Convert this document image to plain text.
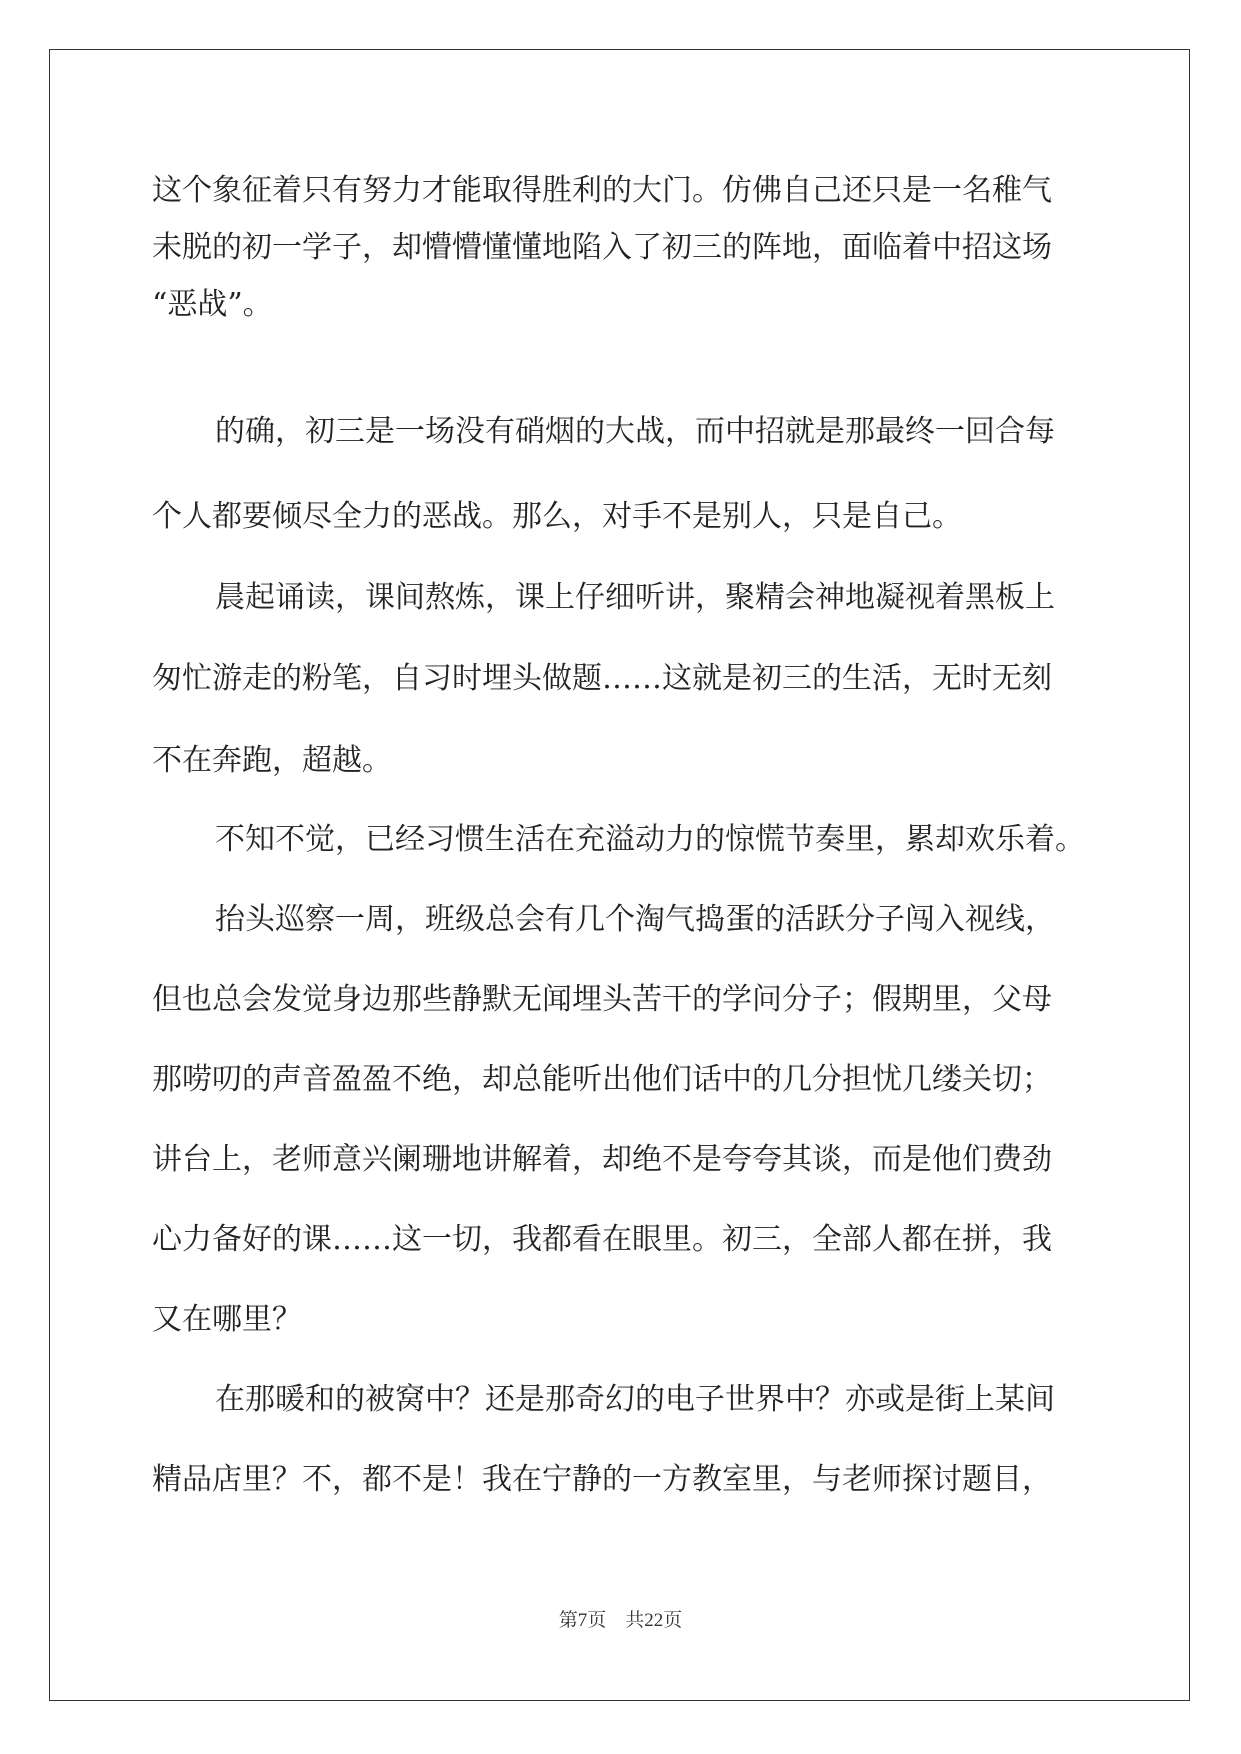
这个象征着只有努力才能取得胜利的大门。仿佛自己还只是一名稚气
未脱的初一学子，却懵懵懂懂地陷入了初三的阵地，面临着中招这场
“恶战”。
的确，初三是一场没有硝烟的大战，而中招就是那最终一回合每
个人都要倾尽全力的恶战。那么，对手不是别人，只是自己。
晨起诵读，课间熬炼，课上仔细听讲，聚精会神地凝视着黑板上
匆忙游走的粉笔，自习时埋头做题……这就是初三的生活，无时无刻
不在奔跑，超越。
不知不觉，已经习惯生活在充溢动力的惊慌节奏里，累却欢乐着。
抬头巡察一周，班级总会有几个淘气捣蛋的活跃分子闯入视线，
但也总会发觉身边那些静默无闻埋头苦干的学问分子；假期里，父母
那唠叨的声音盈盈不绝，却总能听出他们话中的几分担忧几缕关切；
讲台上，老师意兴阑珊地讲解着，却绝不是夸夸其谈，而是他们费劲
心力备好的课……这一切，我都看在眼里。初三，全部人都在拼，我
又在哪里？
在那暖和的被窝中？还是那奇幻的电子世界中？亦或是街上某间
精品店里？不，都不是！我在宁静的一方教室里，与老师探讨题目，
第7页　共22页
